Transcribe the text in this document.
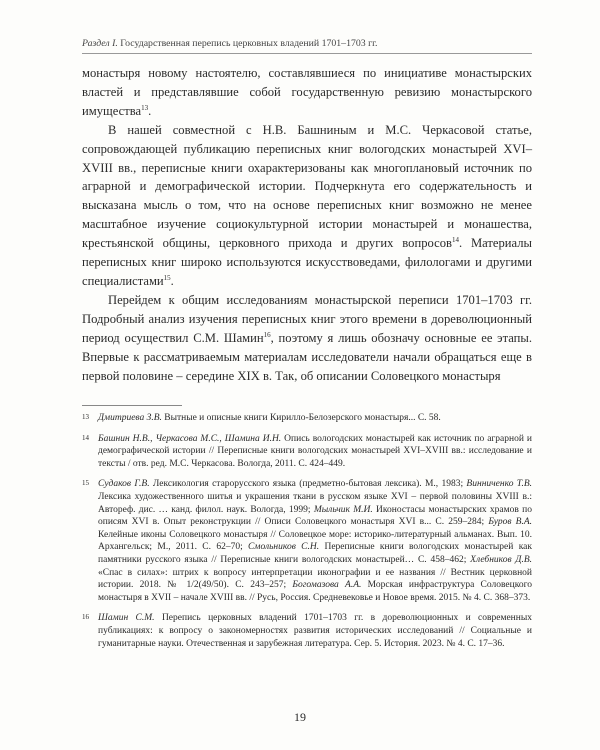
Раздел I. Государственная перепись церковных владений 1701–1703 гг.

монастыря новому настоятелю, составлявшиеся по инициативе монастырских властей и представлявшие собой государственную ревизию монастырского имущества$^{13}$.

В нашей совместной с Н.В. Башниным и М.С. Черкасовой статье, сопровождающей публикацию переписных книг вологодских монастырей XVI–XVIII вв., переписные книги охарактеризованы как многоплановый источник по аграрной и демографической истории. Подчеркнута его содержательность и высказана мысль о том, что на основе переписных книг возможно не менее масштабное изучение социокультурной истории монастырей и монашества, крестьянской общины, церковного прихода и других вопросов$^{14}$. Материалы переписных книг широко используются искусствоведами, филологами и другими специалистами$^{15}$.

Перейдем к общим исследованиям монастырской переписи 1701–1703 гг. Подробный анализ изучения переписных книг этого времени в дореволюционный период осуществил С.М. Шамин$^{16}$, поэтому я лишь обозначу основные ее этапы. Впервые к рассматриваемым материалам исследователи начали обращаться еще в первой половине – середине XIX в. Так, об описании Соловецкого монастыря

13 Дмитриева З.В. Вытные и описные книги Кирилло-Белозерского монастыря... С. 58.
14 Башнин Н.В., Черкасова М.С., Шамина И.Н. Опись вологодских монастырей как источник по аграрной и демографической истории // Переписные книги вологодских монастырей XVI–XVIII вв.: исследование и тексты / отв. ред. М.С. Черкасова. Вологда, 2011. С. 424–449.
15 Судаков Г.В. Лексикология старорусского языка (предметно-бытовая лексика). М., 1983; Винниченко Т.В. Лексика художественного шитья и украшения ткани в русском языке XVI – первой половины XVIII в.: Автореф. дис. … канд. филол. наук. Вологда, 1999; Мыльчик М.И. Иконостасы монастырских храмов по описям XVI в. Опыт реконструкции // Описи Соловецкого монастыря XVI в... С. 259–284; Буров В.А. Келейные иконы Соловецкого монастыря // Соловецкое море: историко-литературный альманах. Вып. 10. Архангельск; М., 2011. С. 62–70; Смольников С.Н. Переписные книги вологодских монастырей как памятники русского языка // Переписные книги вологодских монастырей… С. 458–462; Хлебников Д.В. «Спас в силах»: штрих к вопросу интерпретации иконографии и ее названия // Вестник церковной истории. 2018. № 1/2(49/50). С. 243–257; Богомазова А.А. Морская инфраструктура Соловецкого монастыря в XVII – начале XVIII вв. // Русь, Россия. Средневековье и Новое время. 2015. № 4. С. 368–373.
16 Шамин С.М. Перепись церковных владений 1701–1703 гг. в дореволюционных и современных публикациях: к вопросу о закономерностях развития исторических исследований // Социальные и гуманитарные науки. Отечественная и зарубежная литература. Сер. 5. История. 2023. № 4. С. 17–36.
19
